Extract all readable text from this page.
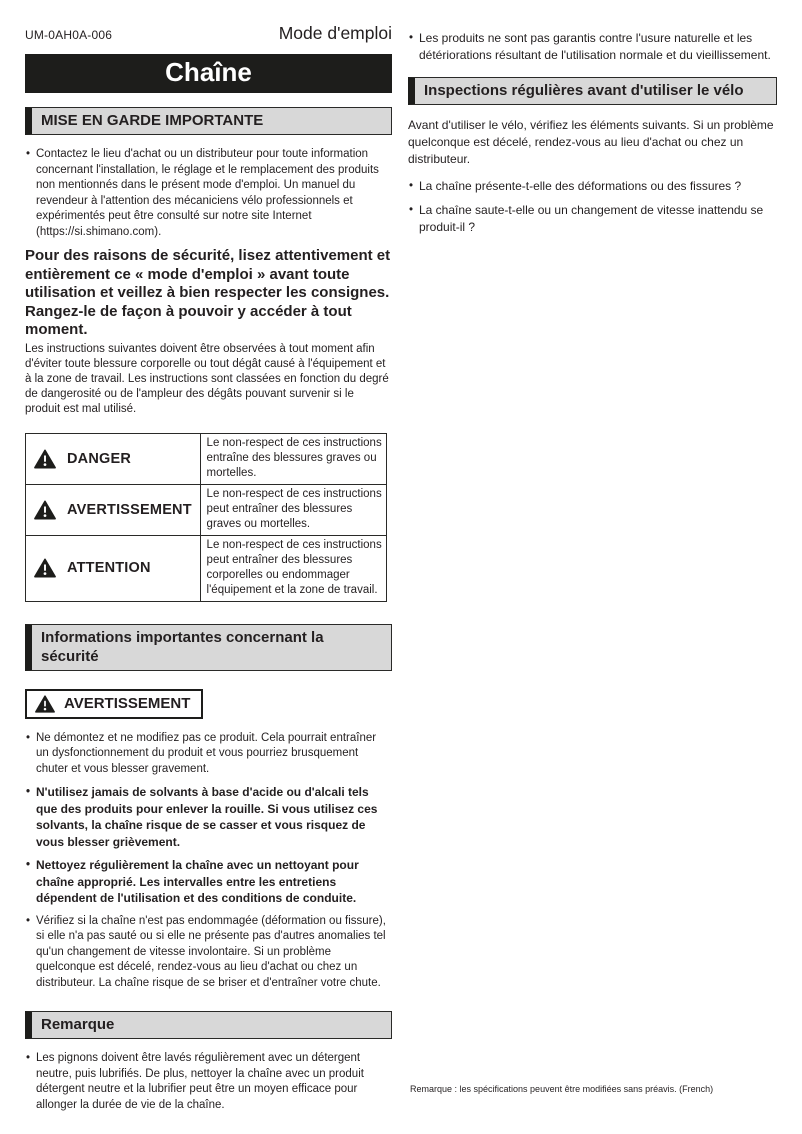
UM-0AH0A-006	Mode d'emploi
Chaîne
MISE EN GARDE IMPORTANTE
• Contactez le lieu d'achat ou un distributeur pour toute information concernant l'installation, le réglage et le remplacement des produits non mentionnés dans le présent mode d'emploi. Un manuel du revendeur à l'attention des mécaniciens vélo professionnels et expérimentés peut être consulté sur notre site Internet (https://si.shimano.com).

Pour des raisons de sécurité, lisez attentivement et entièrement ce « mode d'emploi » avant toute utilisation et veillez à bien respecter les consignes. Rangez-le de façon à pouvoir y accéder à tout moment.

Les instructions suivantes doivent être observées à tout moment afin d'éviter toute blessure corporelle ou tout dégât causé à l'équipement et à la zone de travail. Les instructions sont classées en fonction du degré de dangerosité ou de l'ampleur des dégâts pouvant survenir si le produit est mal utilisé.

DANGER	Le non-respect de ces instructions entraîne des blessures graves ou mortelles.

AVERTISSEMENT	Le non-respect de ces instructions peut entraîner des blessures graves ou mortelles.

ATTENTION	Le non-respect de ces instructions peut entraîner des blessures corporelles ou endommager l'équipement et la zone de travail.
Informations importantes concernant la sécurité
AVERTISSEMENT
• Ne démontez et ne modifiez pas ce produit. Cela pourrait entraîner un dysfonctionnement du produit et vous pourriez brusquement chuter et vous blesser gravement.
• N'utilisez jamais de solvants à base d'acide ou d'alcali tels que des produits pour enlever la rouille. Si vous utilisez ces solvants, la chaîne risque de se casser et vous risquez de vous blesser grièvement.
• Nettoyez régulièrement la chaîne avec un nettoyant pour chaîne approprié. Les intervalles entre les entretiens dépendent de l'utilisation et des conditions de conduite.
• Vérifiez si la chaîne n'est pas endommagée (déformation ou fissure), si elle n'a pas sauté ou si elle ne présente pas d'autres anomalies tel qu'un changement de vitesse involontaire. Si un problème quelconque est décelé, rendez-vous au lieu d'achat ou chez un distributeur. La chaîne risque de se briser et d'entraîner votre chute.
Remarque
• Les pignons doivent être lavés régulièrement avec un détergent neutre, puis lubrifiés. De plus, nettoyer la chaîne avec un produit détergent neutre et la lubrifier peut être un moyen efficace pour allonger la durée de vie de la chaîne.
• Les produits ne sont pas garantis contre l'usure naturelle et les détériorations résultant de l'utilisation normale et du vieillissement.
Inspections régulières avant d'utiliser le vélo

Avant d'utiliser le vélo, vérifiez les éléments suivants. Si un problème quelconque est décelé, rendez-vous au lieu d'achat ou chez un distributeur.

• La chaîne présente-t-elle des déformations ou des fissures ?
• La chaîne saute-t-elle ou un changement de vitesse inattendu se produit-il ?
Remarque : les spécifications peuvent être modifiées sans préavis. (French)
